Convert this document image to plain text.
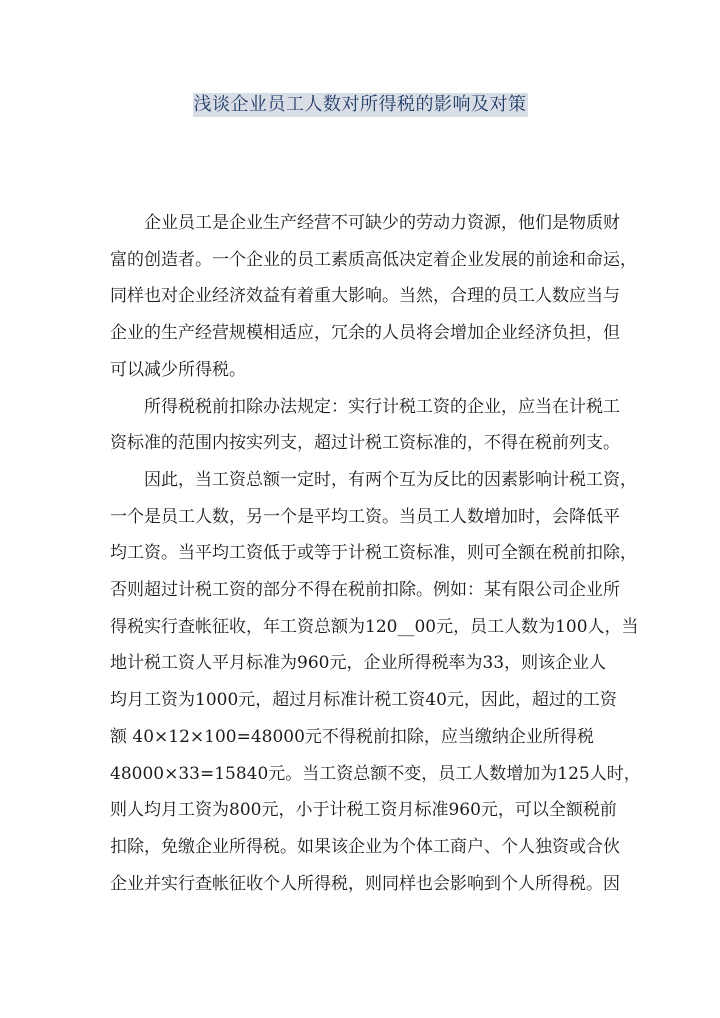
浅谈企业员工人数对所得税的影响及对策

企业员工是企业生产经营不可缺少的劳动力资源，他们是物质财
富的创造者。一个企业的员工素质高低决定着企业发展的前途和命运，
同样也对企业经济效益有着重大影响。当然，合理的员工人数应当与
企业的生产经营规模相适应，冗余的人员将会增加企业经济负担，但
可以减少所得税。

所得税税前扣除办法规定：实行计税工资的企业，应当在计税工
资标准的范围内按实列支，超过计税工资标准的，不得在税前列支。

因此，当工资总额一定时，有两个互为反比的因素影响计税工资，
一个是员工人数，另一个是平均工资。当员工人数增加时，会降低平
均工资。当平均工资低于或等于计税工资标准，则可全额在税前扣除，
否则超过计税工资的部分不得在税前扣除。例如：某有限公司企业所
得税实行查帐征收，年工资总额为120__00元，员工人数为100人，当
地计税工资人平月标准为960元，企业所得税率为33，则该企业人
均月工资为1000元，超过月标准计税工资40元，因此，超过的工资
额 40×12×100=48000元不得税前扣除，应当缴纳企业所得税
48000×33=15840元。当工资总额不变，员工人数增加为125人时，
则人均月工资为800元，小于计税工资月标准960元，可以全额税前
扣除，免缴企业所得税。如果该企业为个体工商户、个人独资或合伙
企业并实行查帐征收个人所得税，则同样也会影响到个人所得税。因
